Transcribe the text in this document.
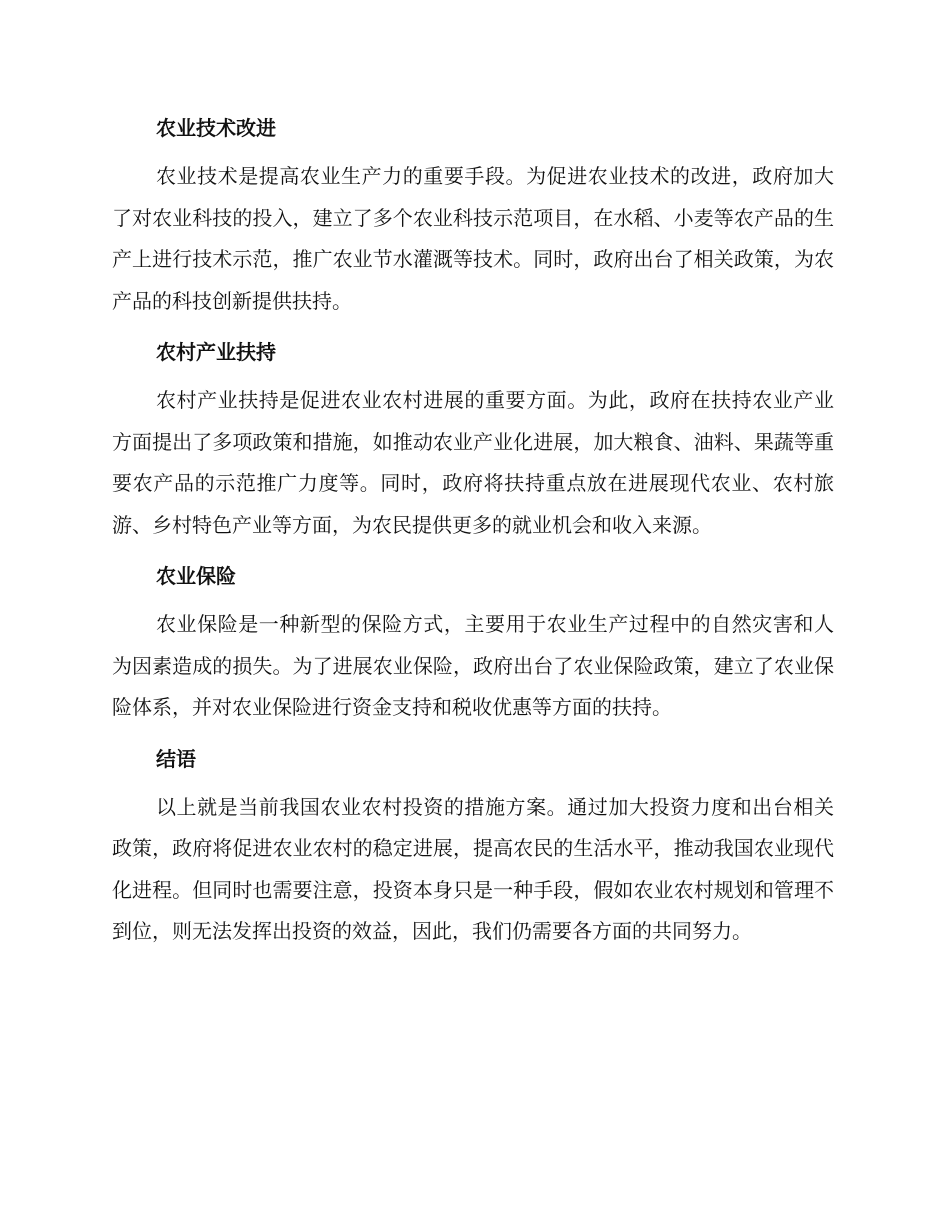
农业技术改进

农业技术是提高农业生产力的重要手段。为促进农业技术的改进，政府加大了对农业科技的投入，建立了多个农业科技示范项目，在水稻、小麦等农产品的生产上进行技术示范，推广农业节水灌溉等技术。同时，政府出台了相关政策，为农产品的科技创新提供扶持。

农村产业扶持

农村产业扶持是促进农业农村进展的重要方面。为此，政府在扶持农业产业方面提出了多项政策和措施，如推动农业产业化进展，加大粮食、油料、果蔬等重要农产品的示范推广力度等。同时，政府将扶持重点放在进展现代农业、农村旅游、乡村特色产业等方面，为农民提供更多的就业机会和收入来源。

农业保险

农业保险是一种新型的保险方式，主要用于农业生产过程中的自然灾害和人为因素造成的损失。为了进展农业保险，政府出台了农业保险政策，建立了农业保险体系，并对农业保险进行资金支持和税收优惠等方面的扶持。

结语

以上就是当前我国农业农村投资的措施方案。通过加大投资力度和出台相关政策，政府将促进农业农村的稳定进展，提高农民的生活水平，推动我国农业现代化进程。但同时也需要注意，投资本身只是一种手段，假如农业农村规划和管理不到位，则无法发挥出投资的效益，因此，我们仍需要各方面的共同努力。
